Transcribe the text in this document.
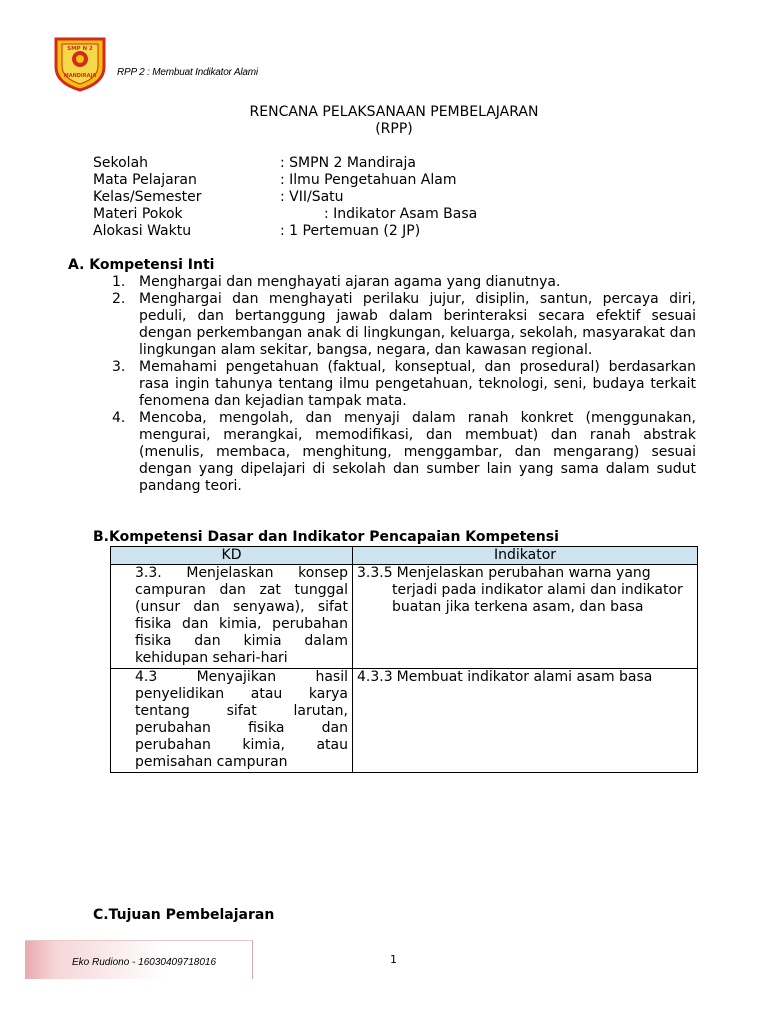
SMP N 2
MANDIRAJA RPP 2 : Membuat Indikator Alami
RENCANA PELAKSANAAN PEMBELAJARAN
(RPP)
Sekolah	: SMPN 2 Mandiraja
Mata Pelajaran	: Ilmu Pengetahuan Alam
Kelas/Semester	: VII/Satu
Materi Pokok	: Indikator Asam Basa
Alokasi Waktu	: 1 Pertemuan (2 JP)
A. Kompetensi Inti
1. Menghargai dan menghayati ajaran agama yang dianutnya.
2. Menghargai dan menghayati perilaku jujur, disiplin, santun, percaya diri, peduli, dan bertanggung jawab dalam berinteraksi secara efektif sesuai dengan perkembangan anak di lingkungan, keluarga, sekolah, masyarakat dan lingkungan alam sekitar, bangsa, negara, dan kawasan regional.
3. Memahami pengetahuan (faktual, konseptual, dan prosedural) berdasarkan rasa ingin tahunya tentang ilmu pengetahuan, teknologi, seni, budaya terkait fenomena dan kejadian tampak mata.
4. Mencoba, mengolah, dan menyaji dalam ranah konkret (menggunakan, mengurai, merangkai, memodifikasi, dan membuat) dan ranah abstrak (menulis, membaca, menghitung, menggambar, dan mengarang) sesuai dengan yang dipelajari di sekolah dan sumber lain yang sama dalam sudut pandang teori.
B.Kompetensi Dasar dan Indikator Pencapaian Kompetensi
KD	Indikator
3.3. Menjelaskan konsep campuran dan zat tunggal (unsur dan senyawa), sifat fisika dan kimia, perubahan fisika dan kimia dalam kehidupan sehari-hari	3.3.5 Menjelaskan perubahan warna yang
terjadi pada indikator alami dan indikator buatan jika terkena asam, dan basa

4.3 Menyajikan hasil penyelidikan atau karya tentang sifat larutan, perubahan fisika dan perubahan kimia, atau pemisahan campuran	4.3.3 Membuat indikator alami asam basa
C.Tujuan Pembelajaran
Eko Rudiono - 16030409718016	1
